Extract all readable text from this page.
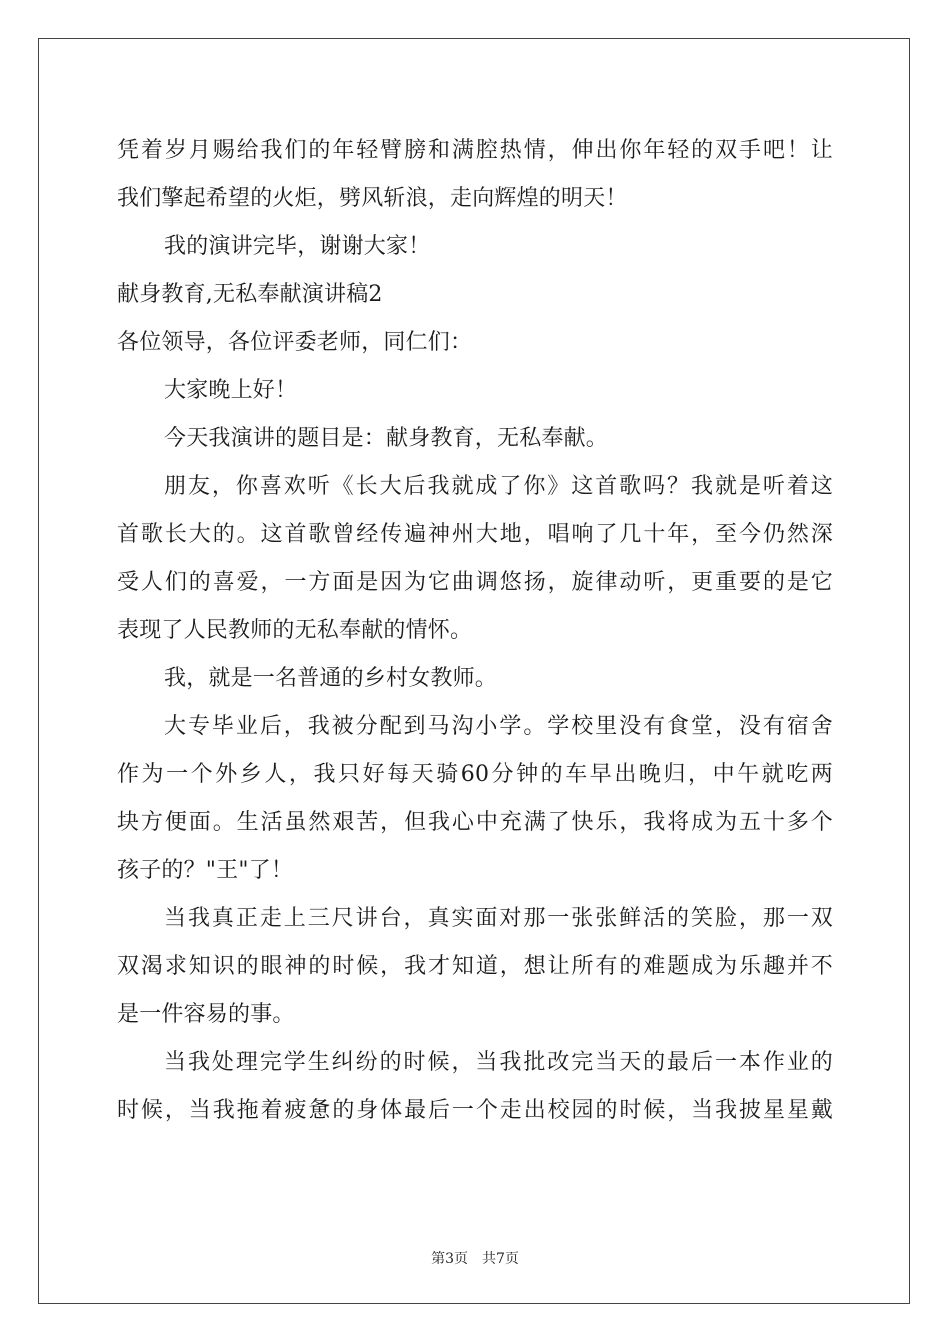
凭着岁月赐给我们的年轻臂膀和满腔热情，伸出你年轻的双手吧！让
我们擎起希望的火炬，劈风斩浪，走向辉煌的明天！
我的演讲完毕，谢谢大家！
献身教育,无私奉献演讲稿2
各位领导，各位评委老师，同仁们：
大家晚上好！
今天我演讲的题目是：献身教育，无私奉献。
朋友，你喜欢听《长大后我就成了你》这首歌吗？我就是听着这
首歌长大的。这首歌曾经传遍神州大地，唱响了几十年，至今仍然深
受人们的喜爱，一方面是因为它曲调悠扬，旋律动听，更重要的是它
表现了人民教师的无私奉献的情怀。
我，就是一名普通的乡村女教师。
大专毕业后，我被分配到马沟小学。学校里没有食堂，没有宿舍
作为一个外乡人，我只好每天骑60分钟的车早出晚归，中午就吃两
块方便面。生活虽然艰苦，但我心中充满了快乐，我将成为五十多个
孩子的？"王"了！
当我真正走上三尺讲台，真实面对那一张张鲜活的笑脸，那一双
双渴求知识的眼神的时候，我才知道，想让所有的难题成为乐趣并不
是一件容易的事。
当我处理完学生纠纷的时候，当我批改完当天的最后一本作业的
时候，当我拖着疲惫的身体最后一个走出校园的时候，当我披星星戴
第3页 共7页
